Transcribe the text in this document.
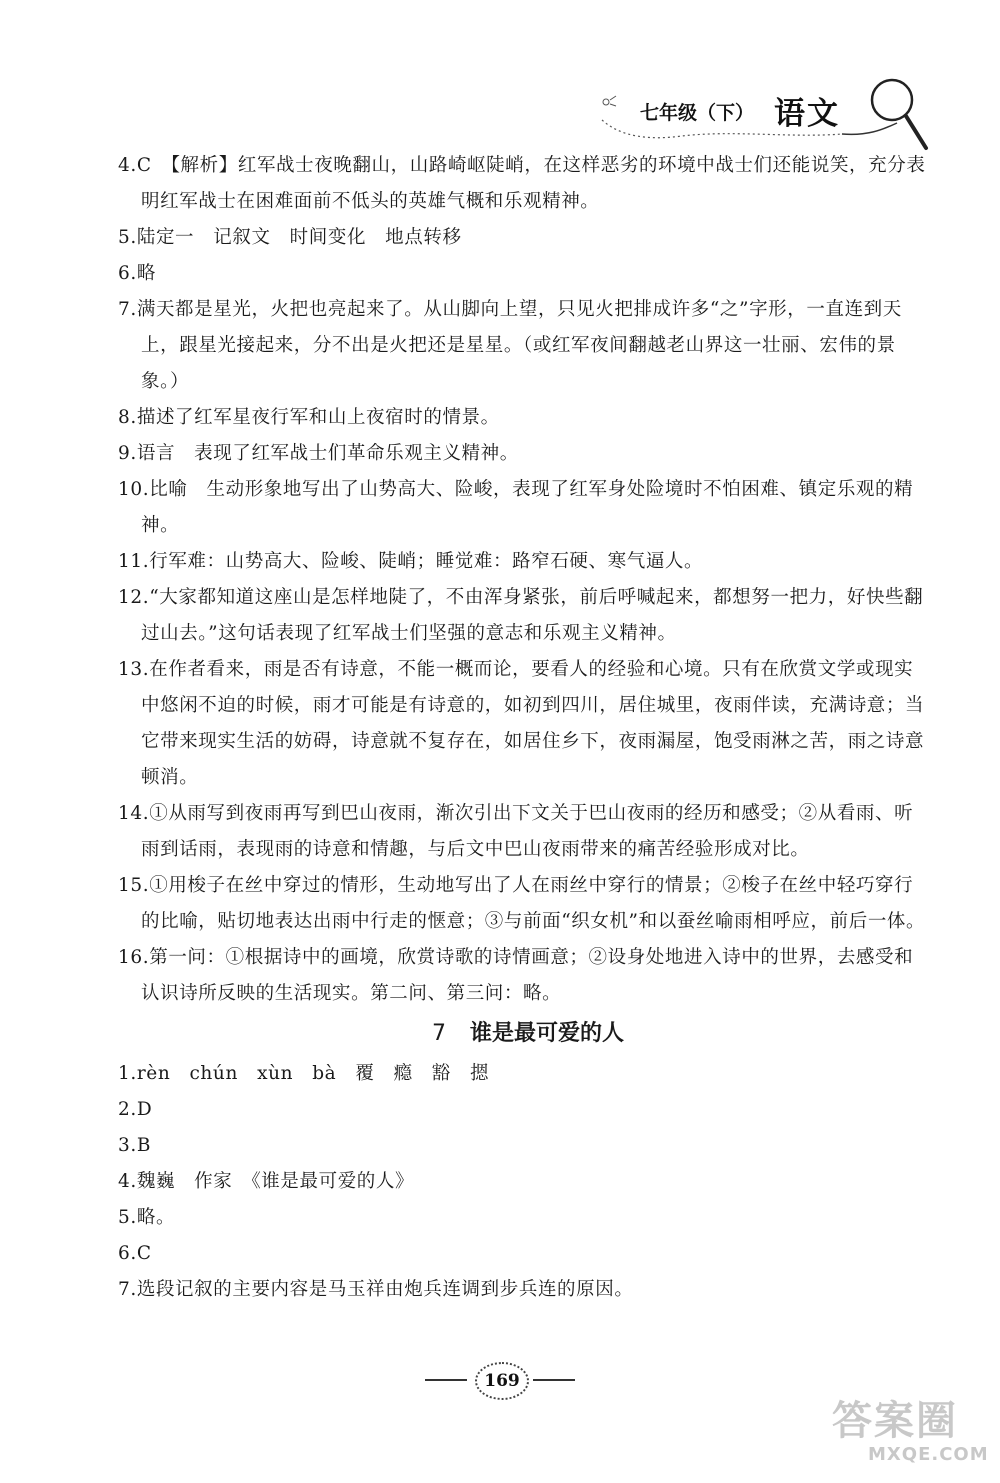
七年级（下） 语文

4.C　【解析】红军战士夜晚翻山，山路崎岖陡峭，在这样恶劣的环境中战士们还能说笑，充分表明红军战士在困难面前不低头的英雄气概和乐观精神。

5.陆定一　记叙文　时间变化　地点转移

6.略

7.满天都是星光，火把也亮起来了。从山脚向上望，只见火把排成许多“之”字形，一直连到天上，跟星光接起来，分不出是火把还是星星。（或红军夜间翻越老山界这一壮丽、宏伟的景象。）

8.描述了红军星夜行军和山上夜宿时的情景。

9.语言　表现了红军战士们革命乐观主义精神。

10.比喻　生动形象地写出了山势高大、险峻，表现了红军身处险境时不怕困难、镇定乐观的精神。

11.行军难：山势高大、险峻、陡峭；睡觉难：路窄石硬、寒气逼人。

12.“大家都知道这座山是怎样地陡了，不由浑身紧张，前后呼喊起来，都想努一把力，好快些翻过山去。”这句话表现了红军战士们坚强的意志和乐观主义精神。

13.在作者看来，雨是否有诗意，不能一概而论，要看人的经验和心境。只有在欣赏文学或现实中悠闲不迫的时候，雨才可能是有诗意的，如初到四川，居住城里，夜雨伴读，充满诗意；当它带来现实生活的妨碍，诗意就不复存在，如居住乡下，夜雨漏屋，饱受雨淋之苦，雨之诗意顿消。

14.①从雨写到夜雨再写到巴山夜雨，渐次引出下文关于巴山夜雨的经历和感受；②从看雨、听雨到话雨，表现雨的诗意和情趣，与后文中巴山夜雨带来的痛苦经验形成对比。

15.①用梭子在丝中穿过的情形，生动地写出了人在雨丝中穿行的情景；②梭子在丝中轻巧穿行的比喻，贴切地表达出雨中行走的惬意；③与前面“织女机”和以蚕丝喻雨相呼应，前后一体。

16.第一问：①根据诗中的画境，欣赏诗歌的诗情画意；②设身处地进入诗中的世界，去感受和认识诗所反映的生活现实。第二问、第三问：略。

7 谁是最可爱的人

1.rèn　chún　xùn　bà　覆　瘾　豁　摁

2.D

3.B

4.魏巍　作家　《谁是最可爱的人》

5.略。

6.C

7.选段记叙的主要内容是马玉祥由炮兵连调到步兵连的原因。

169
答案圈
MXQE.COM
